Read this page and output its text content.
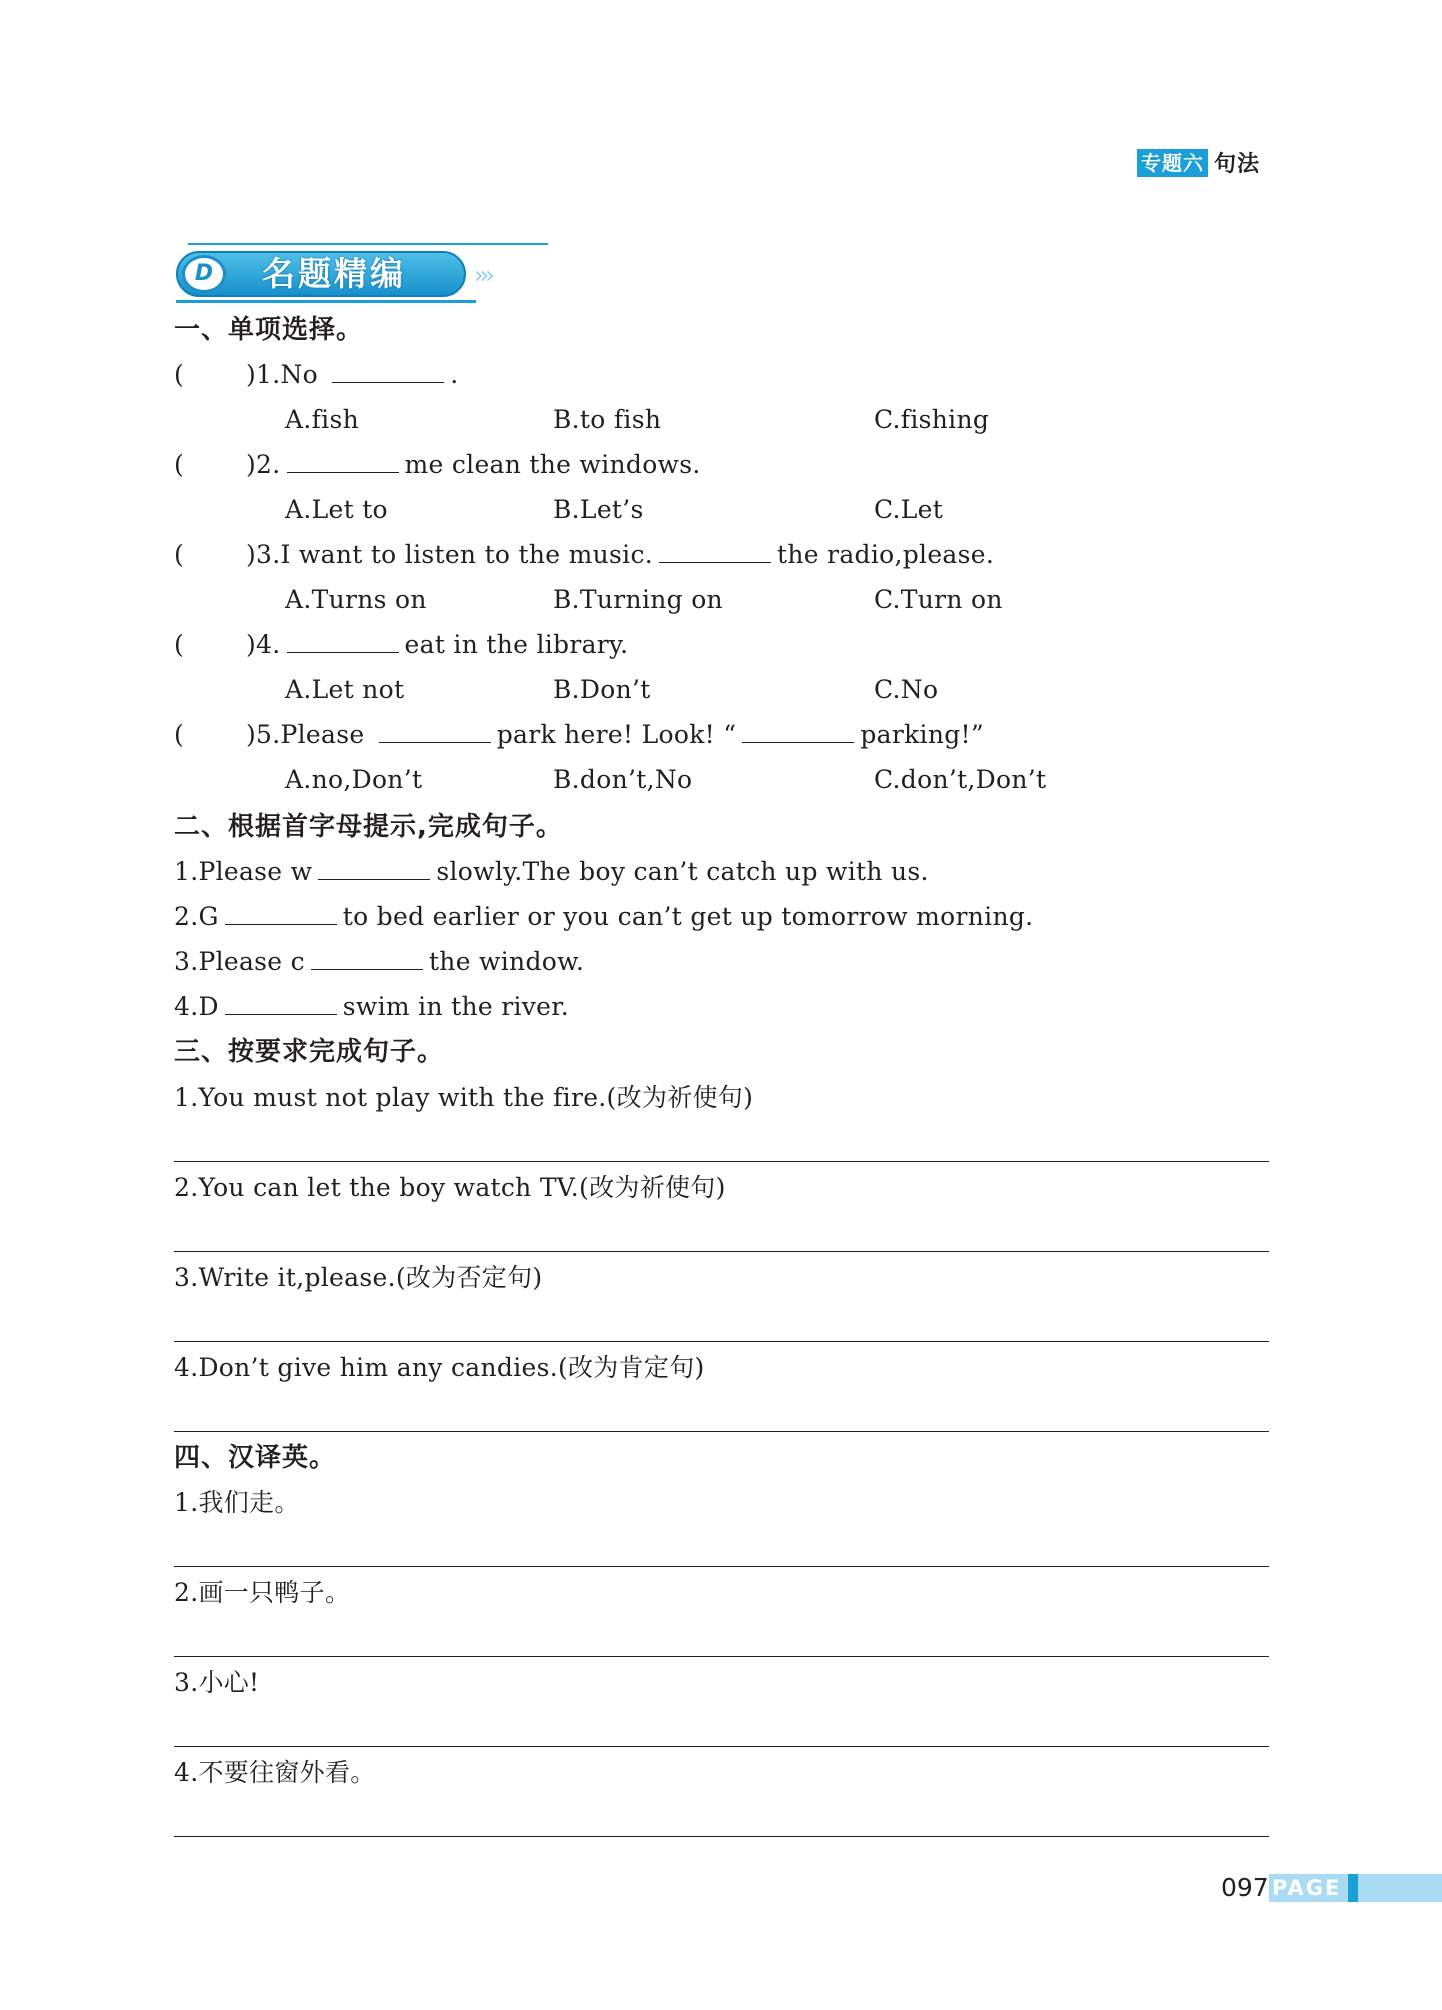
专题六 句法
D 名题精编	›››
一、单项选择。
( )1.No	.
A.fish	B.to fish	C.fishing
( )2.	me clean the windows.
A.Let to	B.Let’s	C.Let
( )3.I want to listen to the music.	the radio,please.
A.Turns on	B.Turning on	C.Turn on
( )4.	eat in the library.
A.Let not	B.Don’t	C.No
( )5.Please	park here! Look! “	parking!”
A.no,Don’t	B.don’t,No	C.don’t,Don’t
二、根据首字母提示,完成句子。
1.Please w	slowly.The boy can’t catch up with us.
2.G	to bed earlier or you can’t get up tomorrow morning.
3.Please c	the window.
4.D	swim in the river.
三、按要求完成句子。
1.You must not play with the fire.(改为祈使句)
2.You can let the boy watch TV.(改为祈使句)
3.Write it,please.(改为否定句)
4.Don’t give him any candies.(改为肯定句)
四、汉译英。
1.我们走。
2.画一只鸭子。
3.小心!
4.不要往窗外看。
097 PAGE
